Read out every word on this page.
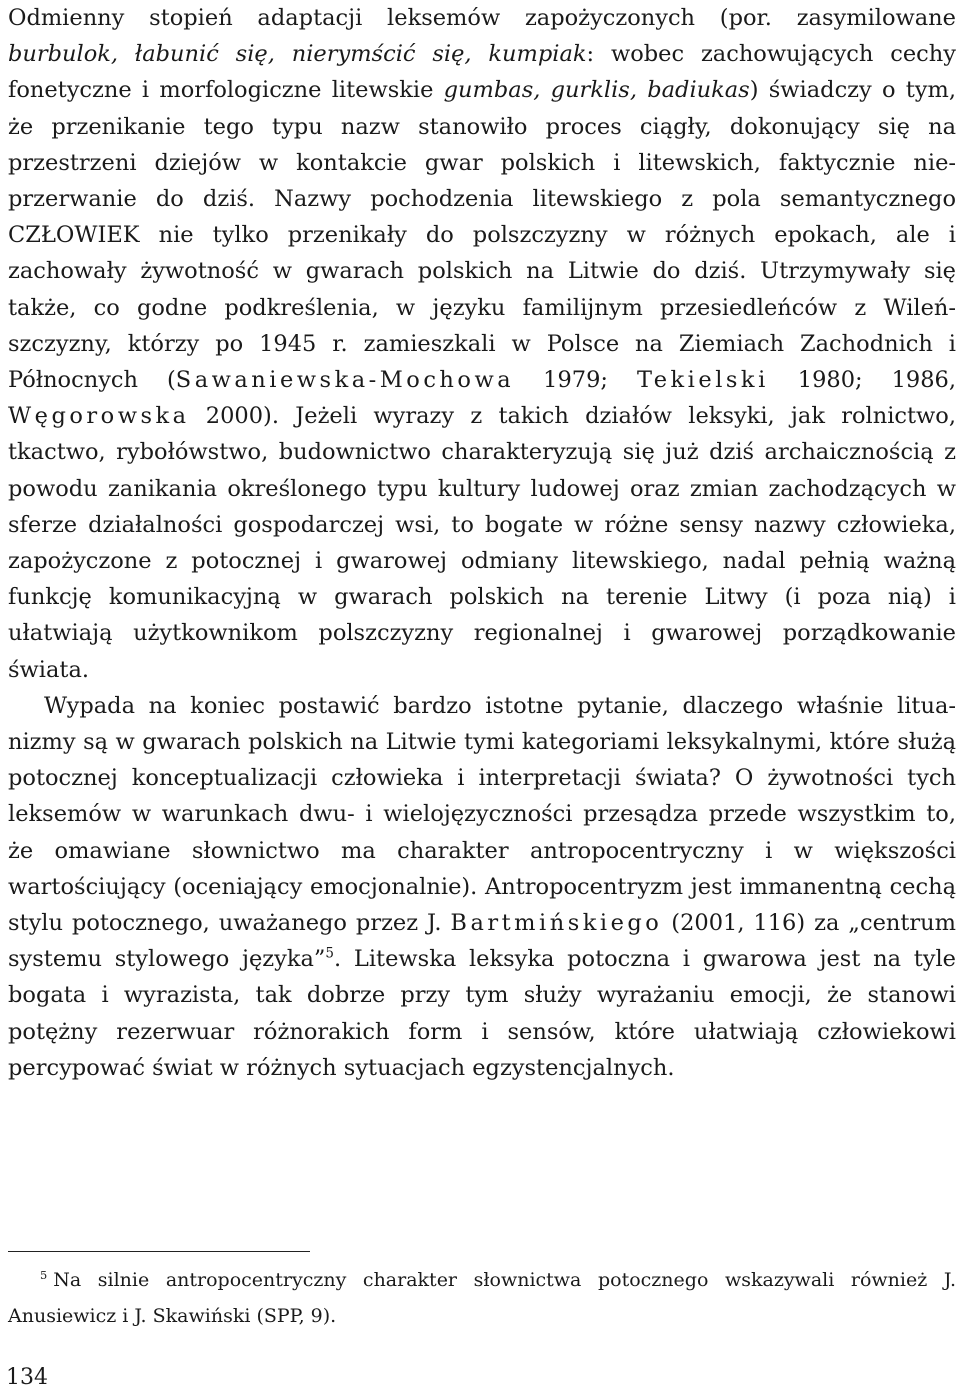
Odmienny stopień adaptacji leksemów zapożyczonych (por. zasymilowane burbulok, łabunić się, nierymścić się, kumpiak: wobec zachowujących cechy fonetyczne i morfologiczne litewskie gumbas, gurklis, badiukas) świadczy o tym, że przenikanie tego typu nazw stanowiło proces ciągły, dokonujący się na przestrzeni dziejów w kontakcie gwar polskich i litewskich, faktycznie nieprzerwanie do dziś. Nazwy pochodzenia litewskiego z pola semantycznego CZŁOWIEK nie tylko przenikały do polszczyzny w różnych epokach, ale i zachowały żywotność w gwarach polskich na Litwie do dziś. Utrzymywały się także, co godne podkreślenia, w języku familijnym przesiedleńców z Wileńszczyzny, którzy po 1945 r. zamieszkali w Polsce na Ziemiach Zachodnich i Północnych (Sawaniewska-Mochowa 1979; Tekielski 1980; 1986, Węgorowska 2000). Jeżeli wyrazy z takich działów leksyki, jak rolnictwo, tkactwo, rybołówstwo, budownictwo charakteryzują się już dziś archaicznością z powodu zanikania określonego typu kultury ludowej oraz zmian zachodzących w sferze działalności gospodarczej wsi, to bogate w różne sensy nazwy człowieka, zapożyczone z potocznej i gwarowej odmiany litewskiego, nadal pełnią ważną funkcję komunikacyjną w gwarach polskich na terenie Litwy (i poza nią) i ułatwiają użytkownikom polszczyzny regionalnej i gwarowej porządkowanie świata.

Wypada na koniec postawić bardzo istotne pytanie, dlaczego właśnie lituanizmy są w gwarach polskich na Litwie tymi kategoriami leksykalnymi, które służą potocznej konceptualizacji człowieka i interpretacji świata? O żywotności tych leksemów w warunkach dwu- i wielojęzyczności przesądza przede wszystkim to, że omawiane słownictwo ma charakter antropocentryczny i w większości wartościujący (oceniający emocjonalnie). Antropocentryzm jest immanentną cechą stylu potocznego, uważanego przez J. Bartmińskiego (2001, 116) za „centrum systemu stylowego języka”$^5$. Litewska leksyka potoczna i gwarowa jest na tyle bogata i wyrazista, tak dobrze przy tym służy wyrażaniu emocji, że stanowi potężny rezerwuar różnorakich form i sensów, które ułatwiają człowiekowi percypować świat w różnych sytuacjach egzystencjalnych.

$^5$ Na silnie antropocentryczny charakter słownictwa potocznego wskazywali również J. Anusiewicz i J. Skawiński (SPP, 9).

134
